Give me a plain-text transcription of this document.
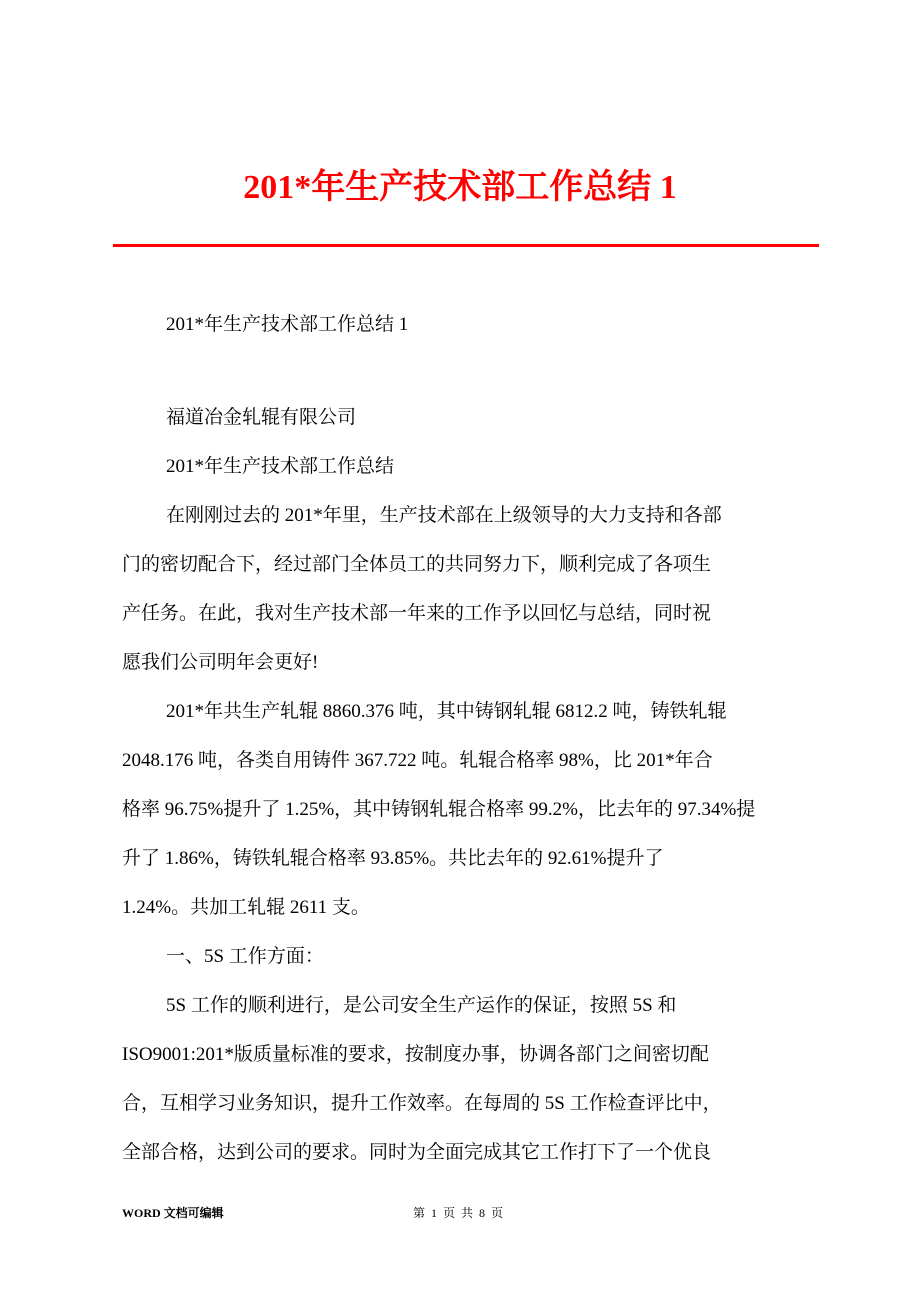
201*年生产技术部工作总结 1

201*年生产技术部工作总结 1

福道冶金轧辊有限公司

201*年生产技术部工作总结

在刚刚过去的 201*年里，生产技术部在上级领导的大力支持和各部

门的密切配合下，经过部门全体员工的共同努力下，顺利完成了各项生

产任务。在此，我对生产技术部一年来的工作予以回忆与总结，同时祝

愿我们公司明年会更好!

201*年共生产轧辊 8860.376 吨，其中铸钢轧辊 6812.2 吨，铸铁轧辊

2048.176 吨，各类自用铸件 367.722 吨。轧辊合格率 98%，比 201*年合

格率 96.75%提升了 1.25%，其中铸钢轧辊合格率 99.2%，比去年的 97.34%提

升了 1.86%，铸铁轧辊合格率 93.85%。共比去年的 92.61%提升了

1.24%。共加工轧辊 2611 支。

一、5S 工作方面：

5S 工作的顺利进行，是公司安全生产运作的保证，按照 5S 和

ISO9001:201*版质量标准的要求，按制度办事，协调各部门之间密切配

合，互相学习业务知识，提升工作效率。在每周的 5S 工作检查评比中，

全部合格，达到公司的要求。同时为全面完成其它工作打下了一个优良

WORD 文档可编辑	第 1 页 共 8 页
